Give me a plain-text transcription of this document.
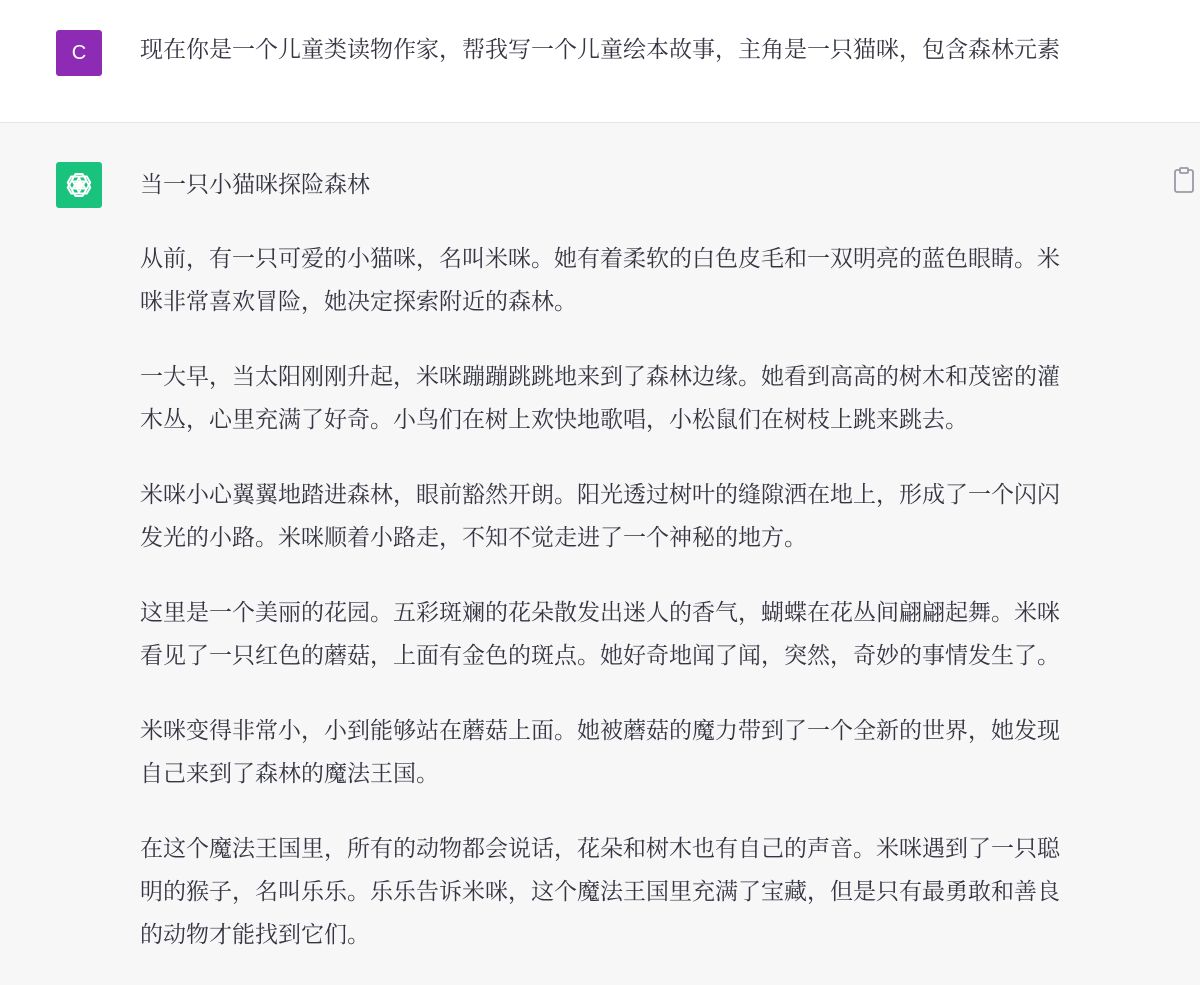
C 现在你是一个儿童类读物作家，帮我写一个儿童绘本故事，主角是一只猫咪，包含森林元素
当一只小猫咪探险森林
从前，有一只可爱的小猫咪，名叫米咪。她有着柔软的白色皮毛和一双明亮的蓝色眼睛。米
咪非常喜欢冒险，她决定探索附近的森林。
一大早，当太阳刚刚升起，米咪蹦蹦跳跳地来到了森林边缘。她看到高高的树木和茂密的灌
木丛，心里充满了好奇。小鸟们在树上欢快地歌唱，小松鼠们在树枝上跳来跳去。
米咪小心翼翼地踏进森林，眼前豁然开朗。阳光透过树叶的缝隙洒在地上，形成了一个闪闪
发光的小路。米咪顺着小路走，不知不觉走进了一个神秘的地方。
这里是一个美丽的花园。五彩斑斓的花朵散发出迷人的香气，蝴蝶在花丛间翩翩起舞。米咪
看见了一只红色的蘑菇，上面有金色的斑点。她好奇地闻了闻，突然，奇妙的事情发生了。
米咪变得非常小，小到能够站在蘑菇上面。她被蘑菇的魔力带到了一个全新的世界，她发现
自己来到了森林的魔法王国。
在这个魔法王国里，所有的动物都会说话，花朵和树木也有自己的声音。米咪遇到了一只聪
明的猴子，名叫乐乐。乐乐告诉米咪，这个魔法王国里充满了宝藏，但是只有最勇敢和善良
的动物才能找到它们。
